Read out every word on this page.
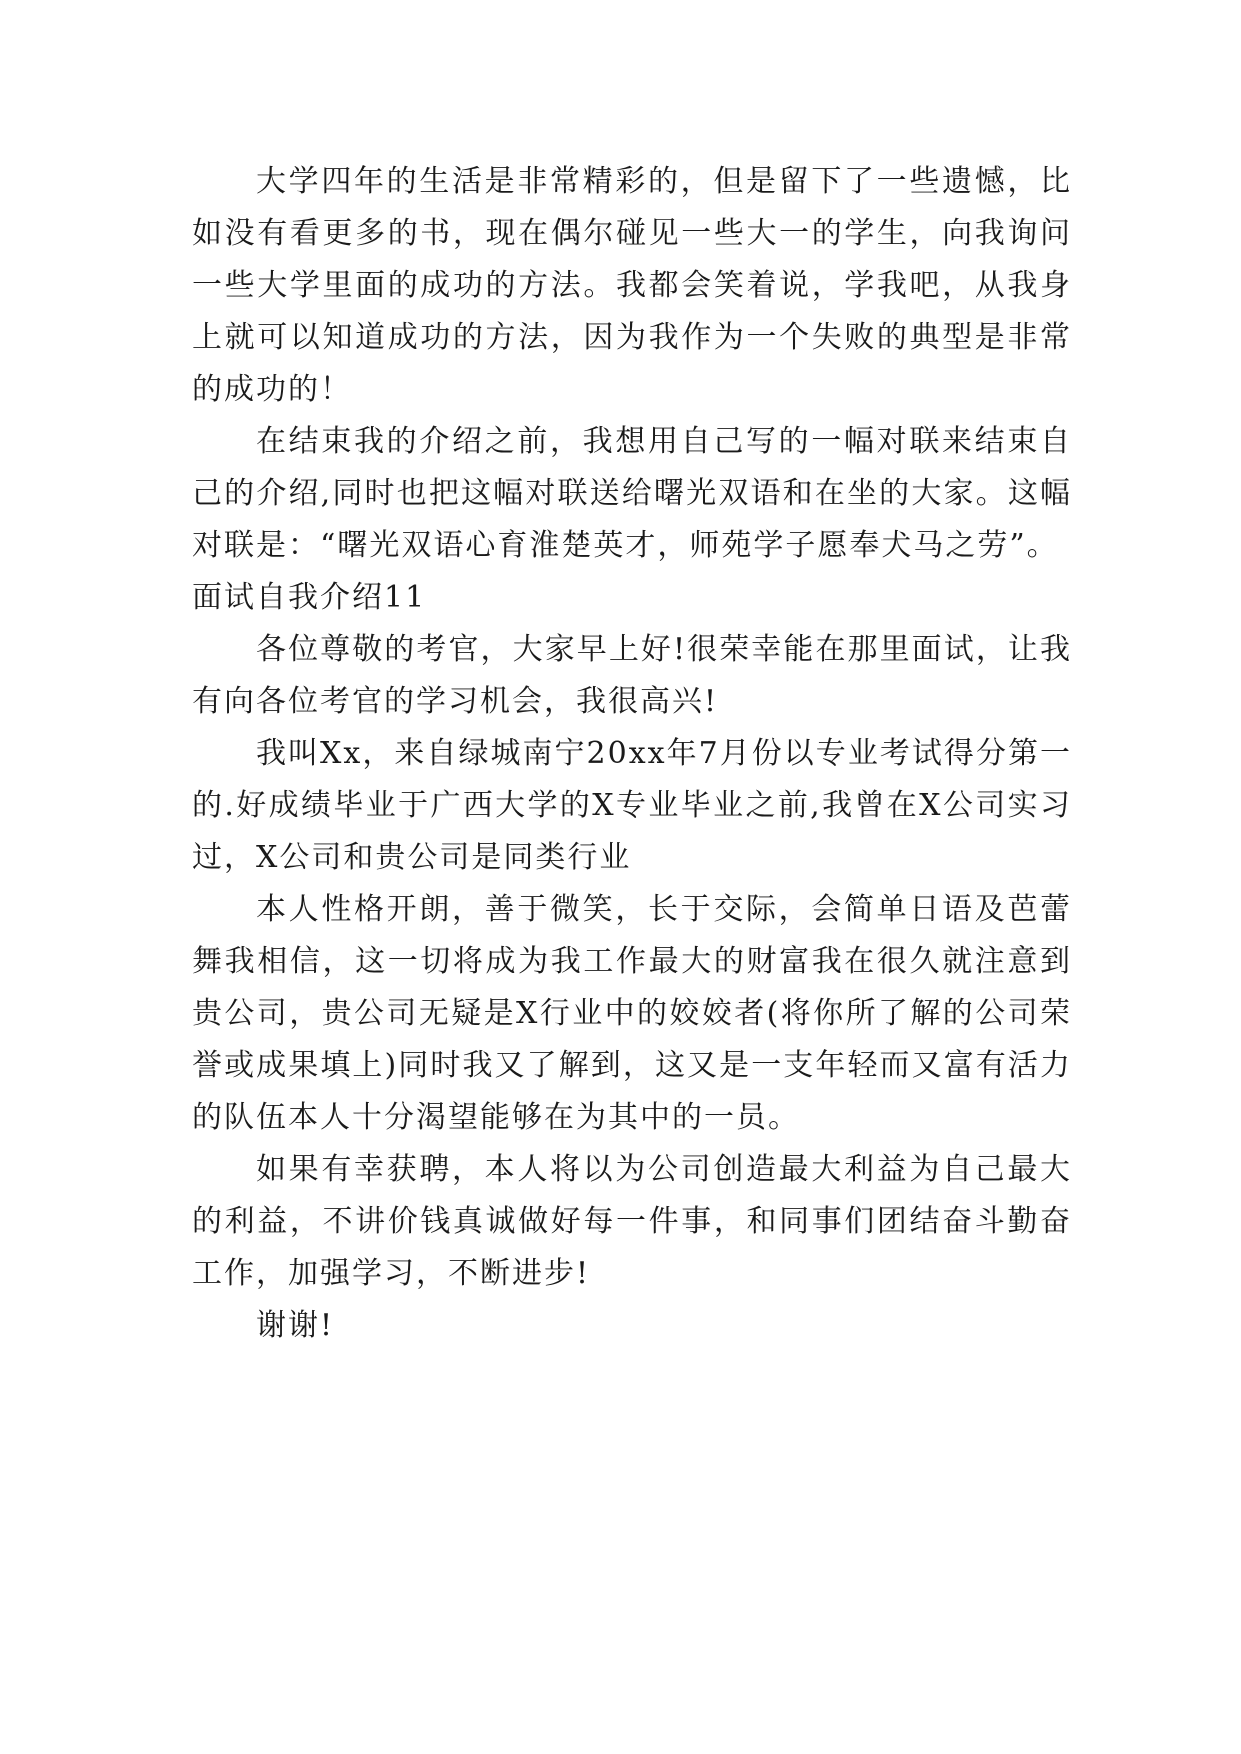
大学四年的生活是非常精彩的，但是留下了一些遗憾，比如没有看更多的书，现在偶尔碰见一些大一的学生，向我询问一些大学里面的成功的方法。我都会笑着说，学我吧，从我身上就可以知道成功的方法，因为我作为一个失败的典型是非常的成功的！

在结束我的介绍之前，我想用自己写的一幅对联来结束自己的介绍,同时也把这幅对联送给曙光双语和在坐的大家。这幅对联是：“曙光双语心育淮楚英才，师苑学子愿奉犬马之劳”。

面试自我介绍11

各位尊敬的考官，大家早上好!很荣幸能在那里面试，让我有向各位考官的学习机会，我很高兴!

我叫Xx，来自绿城南宁20xx年7月份以专业考试得分第一的.好成绩毕业于广西大学的X专业毕业之前,我曾在X公司实习过，X公司和贵公司是同类行业

本人性格开朗，善于微笑，长于交际，会简单日语及芭蕾舞我相信，这一切将成为我工作最大的财富我在很久就注意到贵公司，贵公司无疑是X行业中的姣姣者(将你所了解的公司荣誉或成果填上)同时我又了解到，这又是一支年轻而又富有活力的队伍本人十分渴望能够在为其中的一员。

如果有幸获聘，本人将以为公司创造最大利益为自己最大的利益，不讲价钱真诚做好每一件事，和同事们团结奋斗勤奋工作，加强学习，不断进步!

谢谢!
